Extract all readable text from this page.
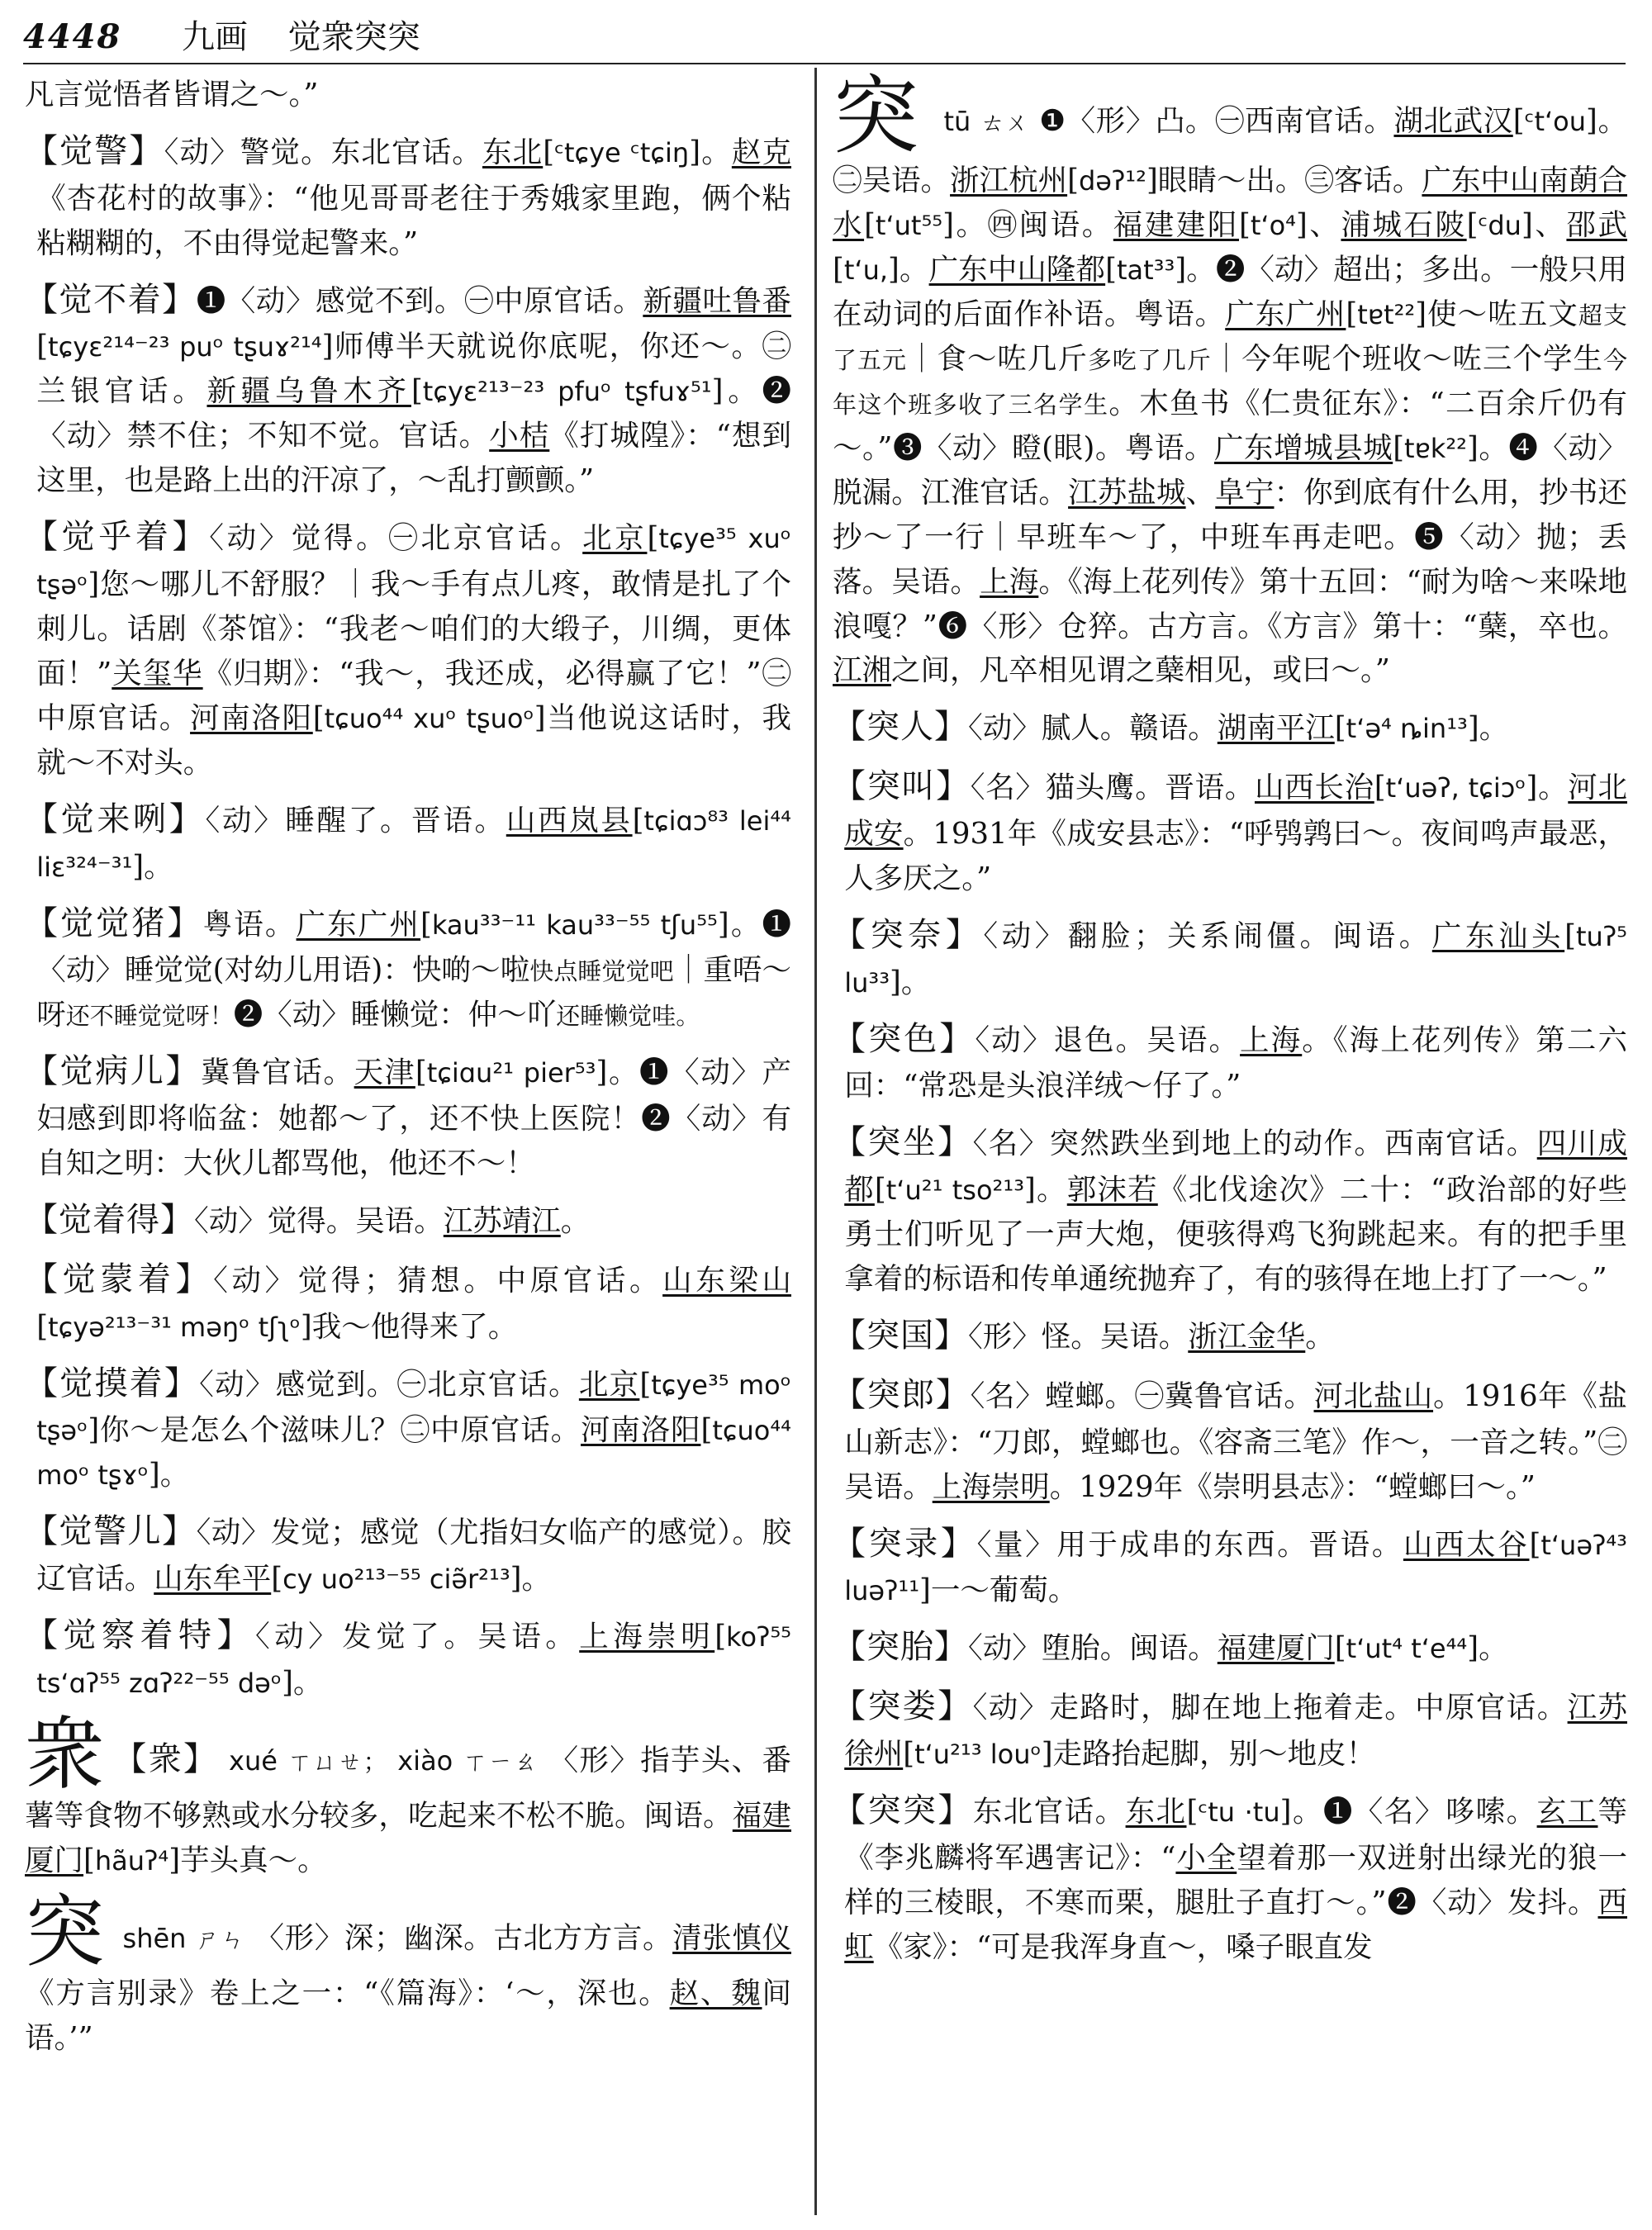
4448 九画 觉衆突突

凡言觉悟者皆谓之～。”

【觉警】〈动〉警觉。东北官话。东北[ᶜtɕye ᶜtɕiŋ]。赵克《杏花村的故事》：“他见哥哥老往于秀娥家里跑，俩个粘粘糊糊的，不由得觉起警来。”

【觉不着】❶〈动〉感觉不到。㊀中原官话。新疆吐鲁番[tɕyɛ²¹⁴⁻²³ puᵒ tʂuɤ²¹⁴]师傅半天就说你底呢，你还～。㊁兰银官话。新疆乌鲁木齐[tɕyɛ²¹³⁻²³ pfuᵒ tʂfuɤ⁵¹]。❷〈动〉禁不住；不知不觉。官话。小桔《打城隍》：“想到这里，也是路上出的汗凉了，～乱打颤颤。”

【觉乎着】〈动〉觉得。㊀北京官话。北京[tɕye³⁵ xuᵒ tʂəᵒ]您～哪儿不舒服？｜我～手有点儿疼，敢情是扎了个刺儿。话剧《茶馆》：“我老～咱们的大缎子，川绸，更体面！”关玺华《归期》：“我～，我还成，必得赢了它！”㊁中原官话。河南洛阳[tɕuo⁴⁴ xuᵒ tʂuoᵒ]当他说这话时，我就～不对头。

【觉来咧】〈动〉睡醒了。晋语。山西岚县[tɕiɑɔ⁸³ lei⁴⁴ liɛ³²⁴⁻³¹]。

【觉觉猪】粤语。广东广州[kau³³⁻¹¹ kau³³⁻⁵⁵ tʃu⁵⁵]。❶〈动〉睡觉觉(对幼儿用语)：快啲～啦快点睡觉觉吧｜重唔～呀还不睡觉觉呀！❷〈动〉睡懒觉：仲～吖还睡懒觉哇。

【觉病儿】冀鲁官话。天津[tɕiɑu²¹ pier⁵³]。❶〈动〉产妇感到即将临盆：她都～了，还不快上医院！❷〈动〉有自知之明：大伙儿都骂他，他还不～！

【觉着得】〈动〉觉得。吴语。江苏靖江。

【觉蒙着】〈动〉觉得；猜想。中原官话。山东梁山[tɕyə²¹³⁻³¹ məŋᵒ tʃʅᵒ]我～他得来了。

【觉摸着】〈动〉感觉到。㊀北京官话。北京[tɕye³⁵ moᵒ tʂəᵒ]你～是怎么个滋味儿？㊁中原官话。河南洛阳[tɕuo⁴⁴ moᵒ tʂɤᵒ]。

【觉警儿】〈动〉发觉；感觉（尤指妇女临产的感觉）。胶辽官话。山东牟平[cy uo²¹³⁻⁵⁵ ciə̃r²¹³]。

【觉察着特】〈动〉发觉了。吴语。上海崇明[koʔ⁵⁵ tsʻɑʔ⁵⁵ zɑʔ²²⁻⁵⁵ dəᵒ]。

衆 【衆】 xué ㄒㄩㄝ； xiào ㄒㄧㄠ 〈形〉指芋头、番薯等食物不够熟或水分较多，吃起来不松不脆。闽语。福建厦门[hãuʔ⁴]芋头真～。

突 shēn ㄕㄣ 〈形〉深；幽深。古北方方言。清张慎仪《方言别录》卷上之一：“《篇海》：‘～，深也。赵、魏间语。’”

突 tū ㄊㄨ ❶〈形〉凸。㊀西南官话。湖北武汉[ᶜtʻou]。㊁吴语。浙江杭州[dəʔ¹²]眼睛～出。㊂客话。广东中山南蓢合水[tʻut⁵⁵]。㊃闽语。福建建阳[tʻo⁴]、浦城石陂[ᶜdu]、邵武[tʻu,]。广东中山隆都[tat³³]。❷〈动〉超出；多出。一般只用在动词的后面作补语。粤语。广东广州[tɐt²²]使～咗五文超支了五元｜食～咗几斤多吃了几斤｜今年呢个班收～咗三个学生今年这个班多收了三名学生。木鱼书《仁贵征东》：“二百余斤仍有～。”❸〈动〉瞪(眼)。粤语。广东增城县城[tɐk²²]。❹〈动〉脱漏。江淮官话。江苏盐城、阜宁：你到底有什么用，抄书还抄～了一行｜早班车～了，中班车再走吧。❺〈动〉抛；丢落。吴语。上海。《海上花列传》第十五回：“耐为啥～来哚地浪嘎？”❻〈形〉仓猝。古方言。《方言》第十：“蘖，卒也。江湘之间，凡卒相见谓之蘖相见，或曰～。”

【突人】〈动〉腻人。赣语。湖南平江[tʻə⁴ ȵin¹³]。

【突叫】〈名〉猫头鹰。晋语。山西长治[tʻuəʔ, tɕiɔᵒ]。河北成安。1931年《成安县志》：“呼鸮鹑曰～。夜间鸣声最恶，人多厌之。”

【突奈】〈动〉翻脸；关系闹僵。闽语。广东汕头[tuʔ⁵ lu³³]。

【突色】〈动〉退色。吴语。上海。《海上花列传》第二六回：“常恐是头浪洋绒～仔了。”

【突坐】〈名〉突然跌坐到地上的动作。西南官话。四川成都[tʻu²¹ tso²¹³]。郭沫若《北伐途次》二十：“政治部的好些勇士们听见了一声大炮，便骇得鸡飞狗跳起来。有的把手里拿着的标语和传单通统抛弃了，有的骇得在地上打了一～。”

【突国】〈形〉怪。吴语。浙江金华。

【突郎】〈名〉螳螂。㊀冀鲁官话。河北盐山。1916年《盐山新志》：“刀郎，螳螂也。《容斋三笔》作～，一音之转。”㊁吴语。上海崇明。1929年《崇明县志》：“螳螂曰～。”

【突录】〈量〉用于成串的东西。晋语。山西太谷[tʻuəʔ⁴³ luəʔ¹¹]一～葡萄。

【突胎】〈动〉堕胎。闽语。福建厦门[tʻut⁴ tʻe⁴⁴]。

【突娄】〈动〉走路时，脚在地上拖着走。中原官话。江苏徐州[tʻu²¹³ louᵒ]走路抬起脚，别～地皮！

【突突】东北官话。东北[ᶜtu ·tu]。❶〈名〉哆嗦。玄工等《李兆麟将军遇害记》：“小全望着那一双迸射出绿光的狼一样的三棱眼，不寒而栗，腿肚子直打～。”❷〈动〉发抖。西虹《家》：“可是我浑身直～，嗓子眼直发
